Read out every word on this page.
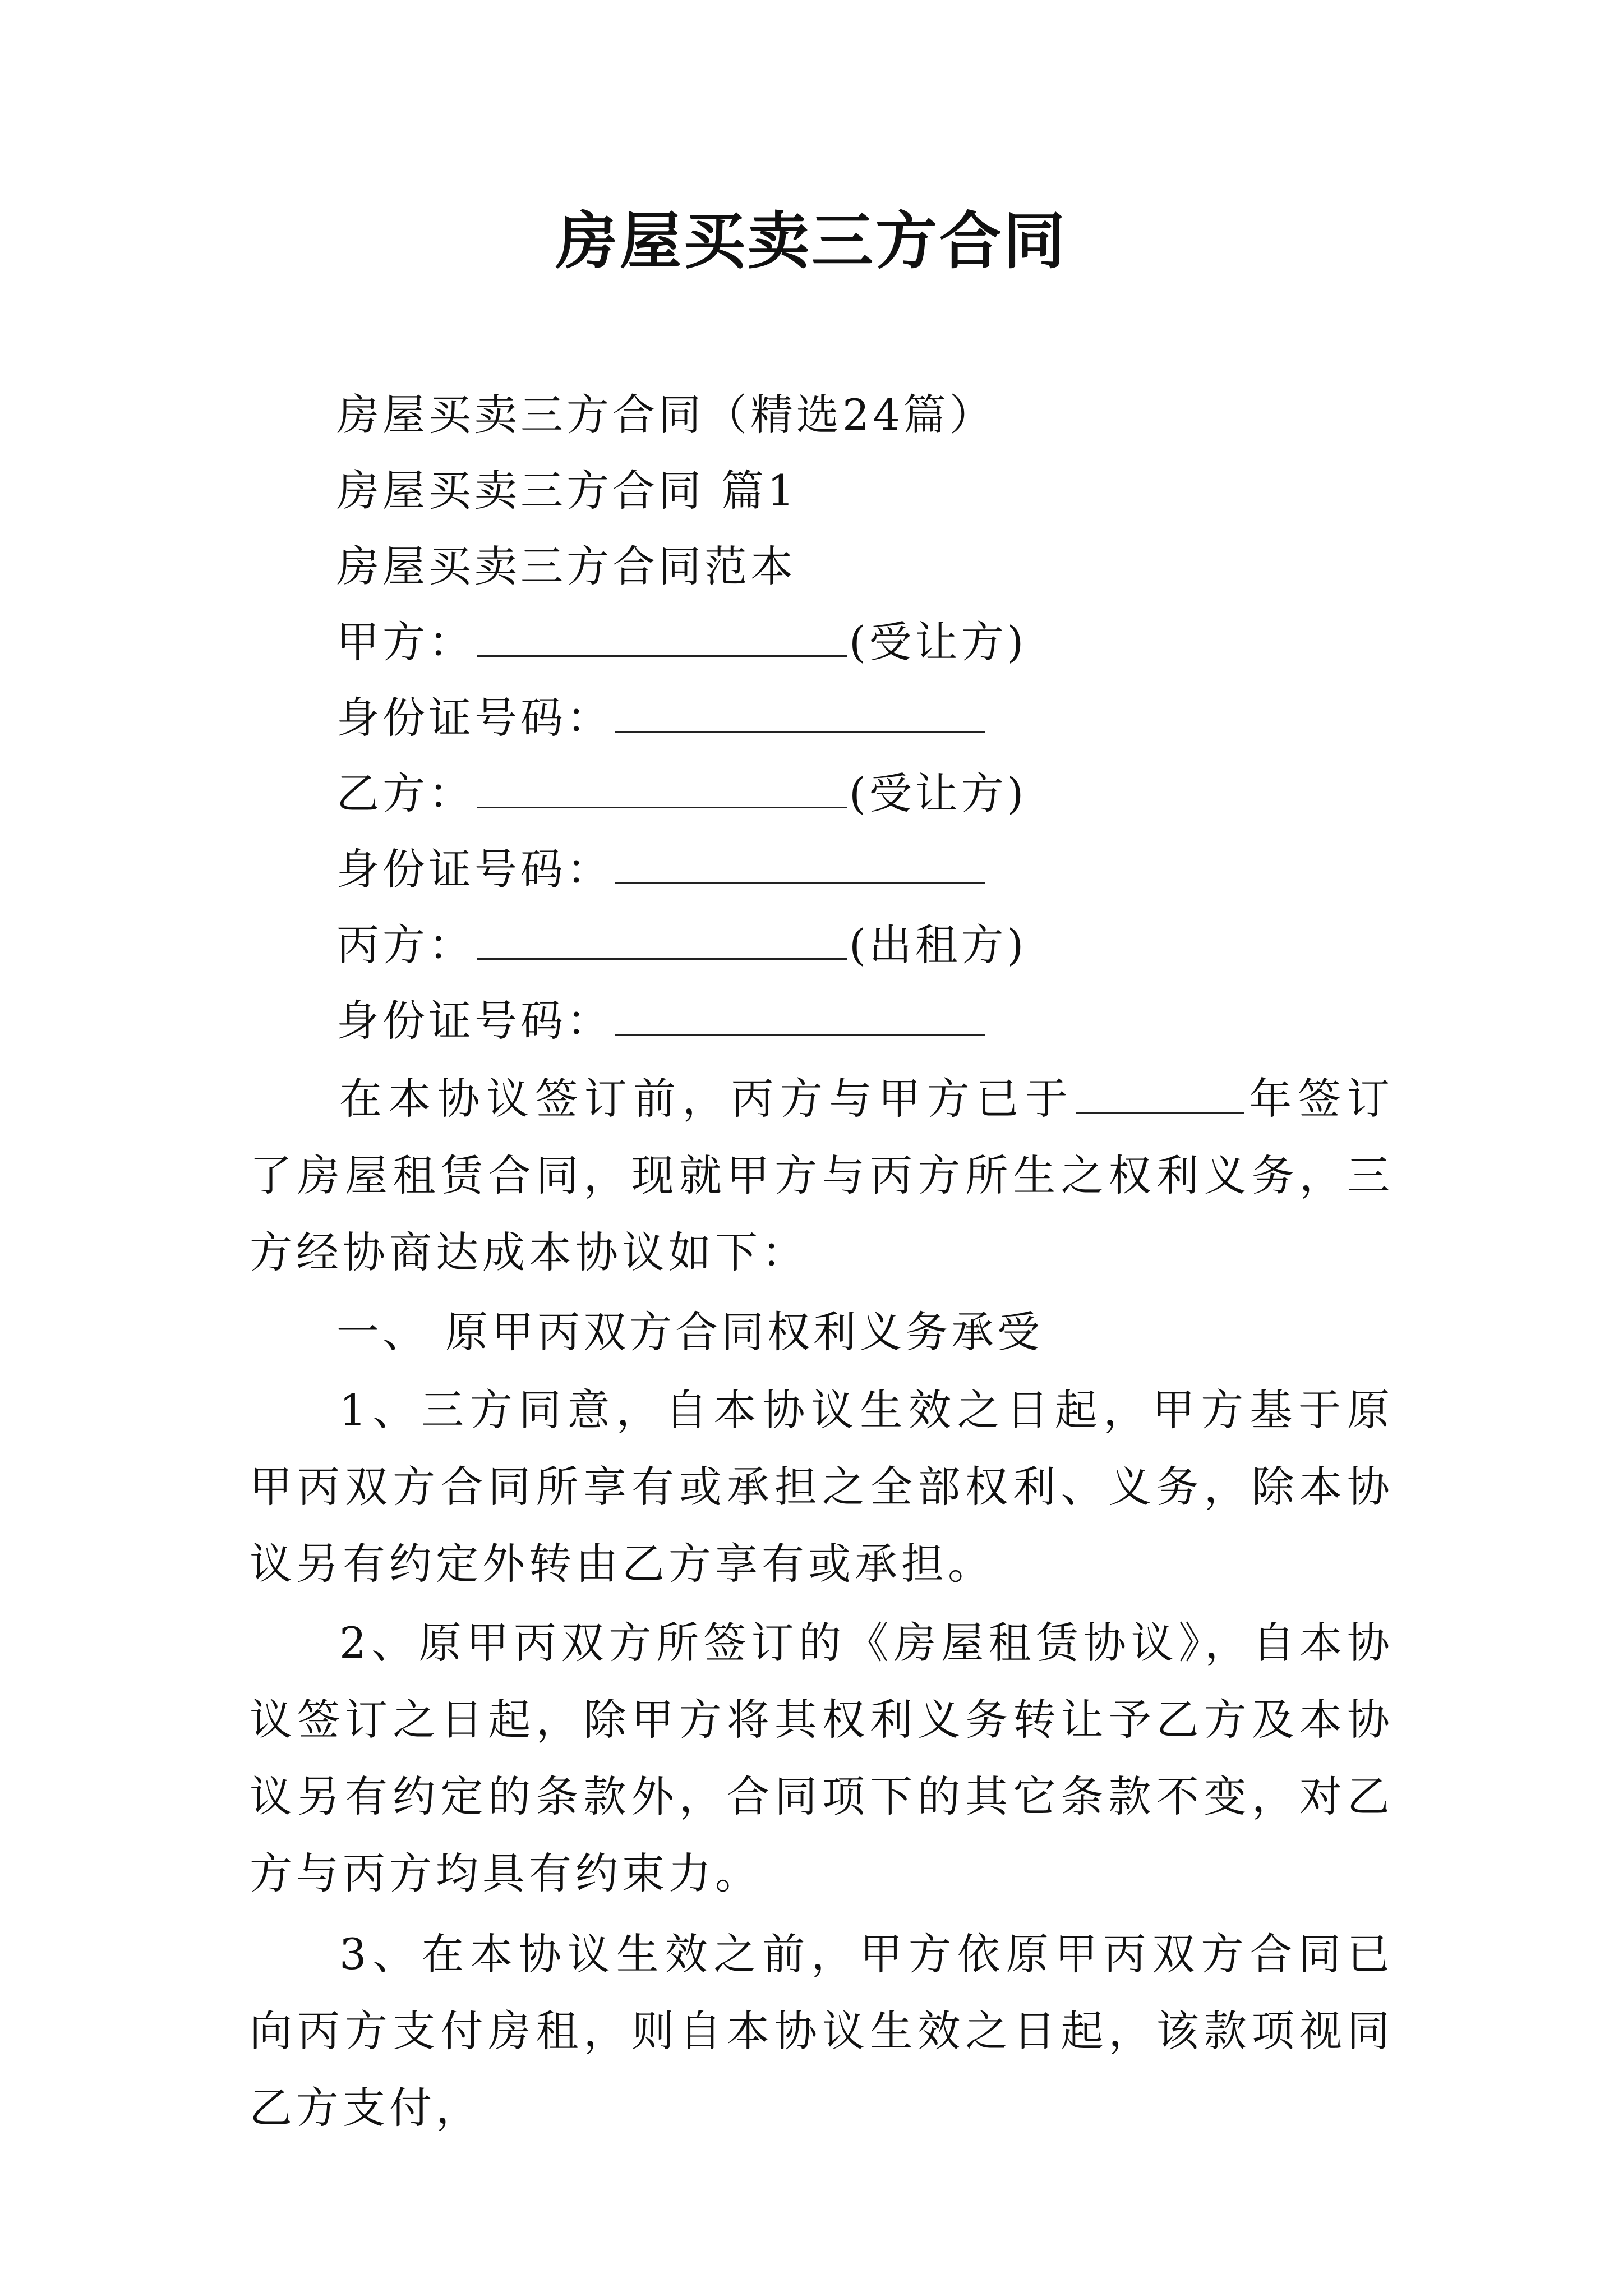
房屋买卖三方合同
房屋买卖三方合同（精选24篇）
房屋买卖三方合同 篇1
房屋买卖三方合同范本
甲方：	(受让方)
身份证号码：
乙方：	(受让方)
身份证号码：
丙方：	(出租方)
身份证号码：
在本协议签订前，丙方与甲方已于	年签订了房屋租赁合同，现就甲方与丙方所生之权利义务，三方经协商达成本协议如下：
一、 原甲丙双方合同权利义务承受
1、三方同意，自本协议生效之日起，甲方基于原甲丙双方合同所享有或承担之全部权利、义务，除本协议另有约定外转由乙方享有或承担。
2、原甲丙双方所签订的《房屋租赁协议》，自本协议签订之日起，除甲方将其权利义务转让予乙方及本协议另有约定的条款外，合同项下的其它条款不变，对乙方与丙方均具有约束力。
3、在本协议生效之前，甲方依原甲丙双方合同已向丙方支付房租，则自本协议生效之日起，该款项视同乙方支付，
